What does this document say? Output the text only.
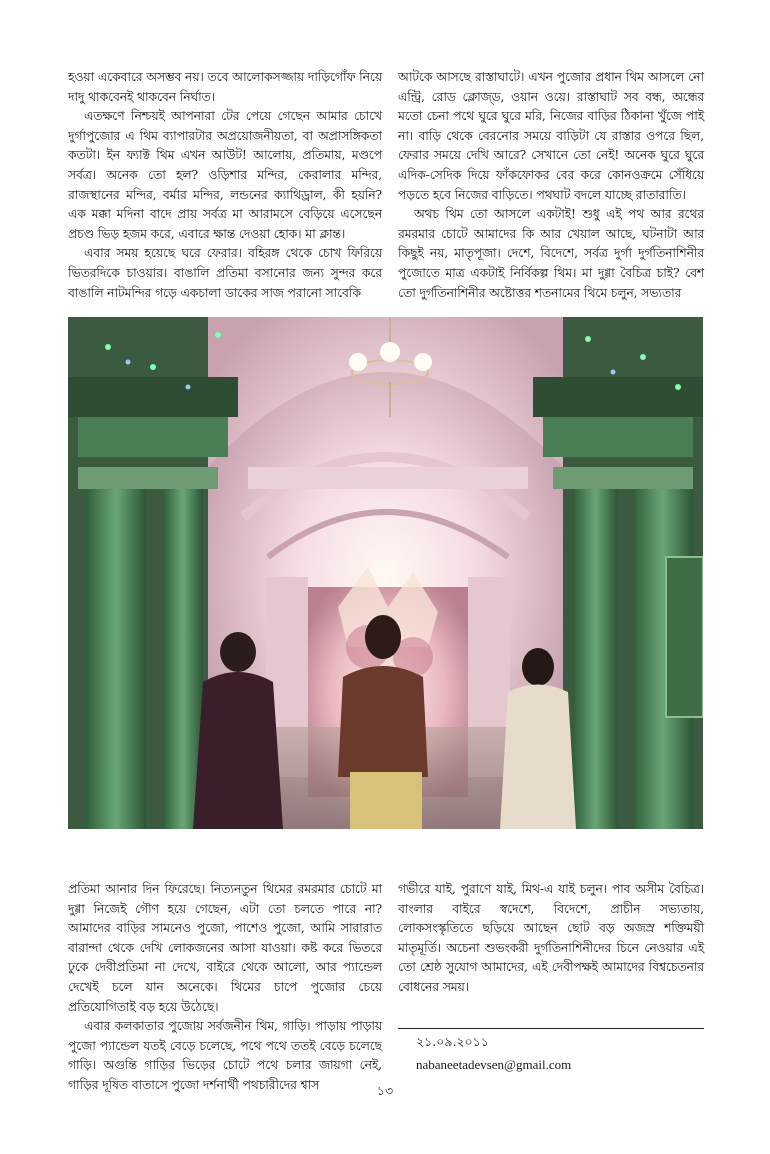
হওয়া একেবারে অসম্ভব নয়। তবে আলোকসজ্জায় দাড়িগোঁফ নিয়ে দাদু থাকবেনই থাকবেন নির্ঘাত।

এতক্ষণে নিশ্চয়ই আপনারা টের পেয়ে গেছেন আমার চোখে দুর্গাপুজোর এ থিম ব্যাপারটার অপ্রয়োজনীয়তা, বা অপ্রাসঙ্গিকতা কতটা। ইন ফ্যাক্ট থিম এখন আউট! আলোয়, প্রতিমায়, মণ্ডপে সর্বত্র। অনেক তো হল? ওড়িশার মন্দির, কেরালার মন্দির, রাজস্থানের মন্দির, বর্মার মন্দির, লন্ডনের ক্যাথিড্রাল, কী হয়নি? এক মক্কা মদিনা বাদে প্রায় সর্বত্র মা আরামসে বেড়িয়ে এসেছেন প্রচণ্ড ভিড় হজম করে, এবারে ক্ষান্ত দেওয়া হোক। মা ক্লান্ত।

এবার সময় হয়েছে ঘরে ফেরার। বহিরঙ্গ থেকে চোখ ফিরিয়ে ভিতরদিকে চাওয়ার। বাঙালি প্রতিমা বসানোর জন্য সুন্দর করে বাঙালি নাটমন্দির গড়ে একচালা ডাকের সাজ পরানো সাবেকি

আটকে আসছে রাস্তাঘাটে। এখন পুজোর প্রধান থিম আসলে নো এন্ট্রি, রোড ক্লোজ্‌ড, ওয়ান ওয়ে। রাস্তাঘাট সব বন্ধ, অন্ধের মতো চেনা পথে ঘুরে ঘুরে মরি, নিজের বাড়ির ঠিকানা খুঁজে পাই না। বাড়ি থেকে বেরনোর সময়ে বাড়িটা যে রাস্তার ওপরে ছিল, ফেরার সময়ে দেখি আরে? সেখানে তো নেই! অনেক ঘুরে ঘুরে এদিক-সেদিক দিয়ে ফাঁকফোকর বের করে কোনওক্রমে সেঁধিয়ে পড়তে হবে নিজের বাড়িতে। পথঘাট বদলে যাচ্ছে রাতারাতি।

অথচ থিম তো আসলে একটাই! শুধু এই পথ আর রথের রমরমার চোটে আমাদের কি আর খেয়াল আছে, ঘটনাটা আর কিছুই নয়, মাতৃপূজা। দেশে, বিদেশে, সর্বত্র দুর্গা দুর্গতিনাশিনীর পুজোতে মাত্র একটাই নির্বিকল্প থিম। মা দুগ্গা বৈচিত্র চাই? বেশ তো দুর্গতিনাশিনীর অষ্টোত্তর শতনামের থিমে চলুন, সভ্যতার

প্রতিমা আনার দিন ফিরেছে। নিত্যনতুন থিমের রমরমার চোটে মা দুগ্গা নিজেই গৌণ হয়ে গেছেন, এটা তো চলতে পারে না? আমাদের বাড়ির সামনেও পুজো, পাশেও পুজো, আমি সারারাত বারান্দা থেকে দেখি লোকজনের আসা যাওয়া। কষ্ট করে ভিতরে ঢুকে দেবীপ্রতিমা না দেখে, বাইরে থেকে আলো, আর প্যান্ডেল দেখেই চলে যান অনেকে। থিমের চাপে পুজোর চেয়ে প্রতিযোগিতাই বড় হয়ে উঠেছে।

এবার কলকাতার পুজোয় সর্বজনীন থিম, গাড়ি। পাড়ায় পাড়ায় পুজো প্যান্ডেল যতই বেড়ে চলেছে, পথে পথে ততই বেড়ে চলেছে গাড়ি। অগুন্তি গাড়ির ভিড়ের চোটে পথে চলার জায়গা নেই, গাড়ির দূষিত বাতাসে পুজো দর্শনার্থী পথচারীদের শ্বাস

গভীরে যাই, পুরাণে যাই, মিথ-এ যাই চলুন। পাব অসীম বৈচিত্র। বাংলার বাইরে স্বদেশে, বিদেশে, প্রাচীন সভ্যতায়, লোকসংস্কৃতিতে ছড়িয়ে আছেন ছোট বড় অজস্র শক্তিময়ী মাতৃমূর্তি। অচেনা শুভংকরী দুর্গতিনাশিনীদের চিনে নেওয়ার এই তো শ্রেষ্ঠ সুযোগ আমাদের, এই দেবীপক্ষই আমাদের বিশ্বচেতনার বোধনের সময়।

২১.০৯.২০১১
nabaneetadevsen@gmail.com
১৩
